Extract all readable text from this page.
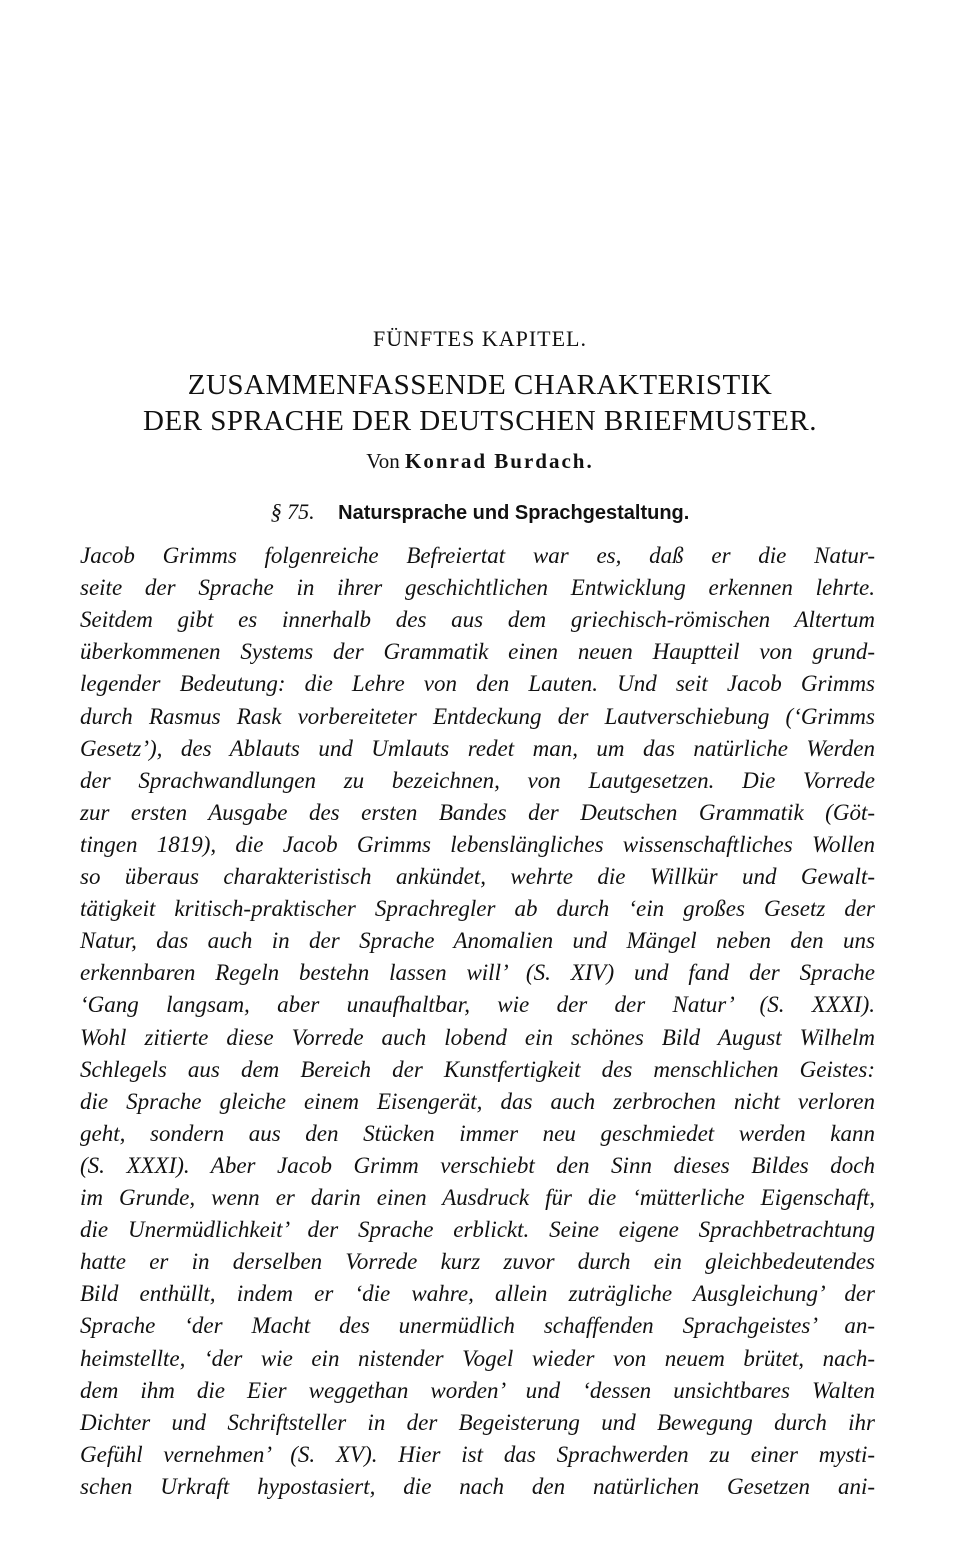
FÜNFTES KAPITEL.
ZUSAMMENFASSENDE CHARAKTERISTIK
DER SPRACHE DER DEUTSCHEN BRIEFMUSTER.
Von Konrad Burdach.
§ 75. Natursprache und Sprachgestaltung.
Jacob Grimms folgenreiche Befreiertat war es, daß er die Natur-
seite der Sprache in ihrer geschichtlichen Entwicklung erkennen lehrte.
Seitdem gibt es innerhalb des aus dem griechisch-römischen Altertum
überkommenen Systems der Grammatik einen neuen Hauptteil von grund-
legender Bedeutung: die Lehre von den Lauten. Und seit Jacob Grimms
durch Rasmus Rask vorbereiteter Entdeckung der Lautverschiebung (‘Grimms
Gesetz’), des Ablauts und Umlauts redet man, um das natürliche Werden
der Sprachwandlungen zu bezeichnen, von Lautgesetzen. Die Vorrede
zur ersten Ausgabe des ersten Bandes der Deutschen Grammatik (Göt-
tingen 1819), die Jacob Grimms lebenslängliches wissenschaftliches Wollen
so überaus charakteristisch ankündet, wehrte die Willkür und Gewalt-
tätigkeit kritisch-praktischer Sprachregler ab durch ‘ein großes Gesetz der
Natur, das auch in der Sprache Anomalien und Mängel neben den uns
erkennbaren Regeln bestehn lassen will’ (S. XIV) und fand der Sprache
‘Gang langsam, aber unaufhaltbar, wie der der Natur’ (S. XXXI).
Wohl zitierte diese Vorrede auch lobend ein schönes Bild August Wilhelm
Schlegels aus dem Bereich der Kunstfertigkeit des menschlichen Geistes:
die Sprache gleiche einem Eisengerät, das auch zerbrochen nicht verloren
geht, sondern aus den Stücken immer neu geschmiedet werden kann
(S. XXXI). Aber Jacob Grimm verschiebt den Sinn dieses Bildes doch
im Grunde, wenn er darin einen Ausdruck für die ‘mütterliche Eigenschaft,
die Unermüdlichkeit’ der Sprache erblickt. Seine eigene Sprachbetrachtung
hatte er in derselben Vorrede kurz zuvor durch ein gleichbedeutendes
Bild enthüllt, indem er ‘die wahre, allein zuträgliche Ausgleichung’ der
Sprache ‘der Macht des unermüdlich schaffenden Sprachgeistes’ an-
heimstellte, ‘der wie ein nistender Vogel wieder von neuem brütet, nach-
dem ihm die Eier weggethan worden’ und ‘dessen unsichtbares Walten
Dichter und Schriftsteller in der Begeisterung und Bewegung durch ihr
Gefühl vernehmen’ (S. XV). Hier ist das Sprachwerden zu einer mysti-
schen Urkraft hypostasiert, die nach den natürlichen Gesetzen ani-
